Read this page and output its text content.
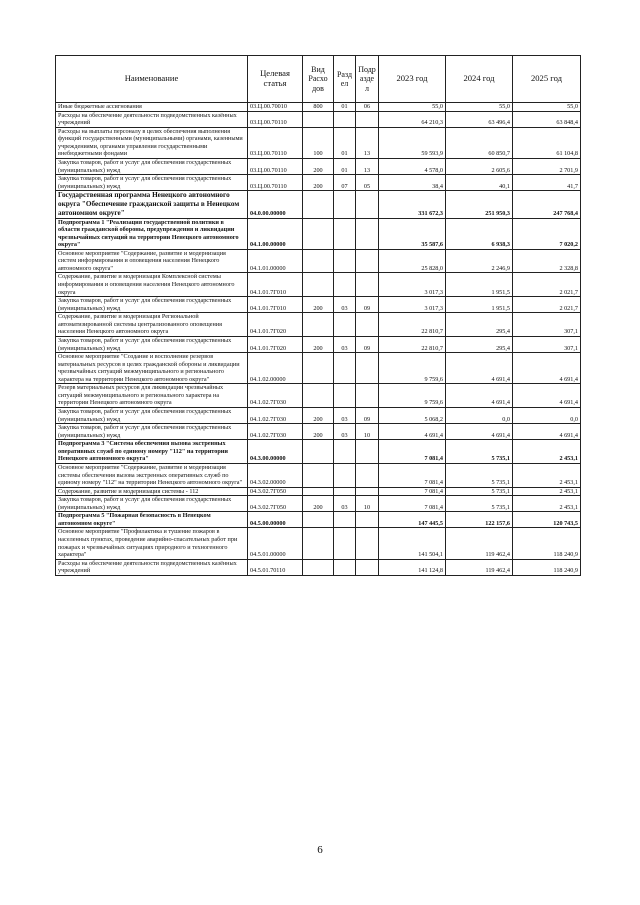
Наименование	Целевая статья	Вид Расхо дов	Разд ел	Подр азде л	2023 год	2024 год	2025 год
Иные бюджетные ассигнования	03.Ц.00.70010	800	01	06	55,0	55,0	55,0
Расходы на обеспечение деятельности подведомственных казённых учреждений	03.Ц.00.70110				64 210,3	63 496,4	63 848,4
Расходы на выплаты персоналу в целях обеспечения выполнения функций государственными (муниципальными) органами, казенными учреждениями, органами управления государственными внебюджетными фондами	03.Ц.00.70110	100	01	13	59 593,9	60 850,7	61 104,8
Закупка товаров, работ и услуг для обеспечения государственных (муниципальных) нужд	03.Ц.00.70110	200	01	13	4 578,0	2 605,6	2 701,9
Закупка товаров, работ и услуг для обеспечения государственных (муниципальных) нужд	03.Ц.00.70110	200	07	05	38,4	40,1	41,7
Государственная программа Ненецкого автономного округа "Обеспечение гражданской защиты в Ненецком автономном округе"	04.0.00.00000				331 672,3	251 950,3	247 768,4
Подпрограмма 1 "Реализация государственной политики в области гражданской обороны, предупреждения и ликвидации чрезвычайных ситуаций на территории Ненецкого автономного округа"	04.1.00.00000				35 587,6	6 938,3	7 020,2
Основное мероприятие "Содержание, развитие и модернизация систем информирования и оповещения населения Ненецкого автономного округа"	04.1.01.00000				25 828,0	2 246,9	2 328,8
Содержание, развитие и модернизация Комплексной системы информирования и оповещения населения Ненецкого автономного округа	04.1.01.7Г010				3 017,3	1 951,5	2 021,7
Закупка товаров, работ и услуг для обеспечения государственных (муниципальных) нужд	04.1.01.7Г010	200	03	09	3 017,3	1 951,5	2 021,7
Содержание, развитие и модернизация Региональной автоматизированной системы централизованного оповещения населения Ненецкого автономного округа	04.1.01.7Г020				22 810,7	295,4	307,1
Закупка товаров, работ и услуг для обеспечения государственных (муниципальных) нужд	04.1.01.7Г020	200	03	09	22 810,7	295,4	307,1
Основное мероприятие "Создание и восполнение резервов материальных ресурсов в целях гражданской обороны и ликвидации чрезвычайных ситуаций межмуниципального и регионального характера на территории Ненецкого автономного округа"	04.1.02.00000				9 759,6	4 691,4	4 691,4
Резерв материальных ресурсов для ликвидации чрезвычайных ситуаций межмуниципального и регионального характера на территории Ненецкого автономного округа	04.1.02.7Г030				9 759,6	4 691,4	4 691,4
Закупка товаров, работ и услуг для обеспечения государственных (муниципальных) нужд	04.1.02.7Г030	200	03	09	5 068,2	0,0	0,0
Закупка товаров, работ и услуг для обеспечения государственных (муниципальных) нужд	04.1.02.7Г030	200	03	10	4 691,4	4 691,4	4 691,4
Подпрограмма 3 "Система обеспечения вызова экстренных оперативных служб по единому номеру "112" на территории Ненецкого автономного округа"	04.3.00.00000				7 081,4	5 735,1	2 453,1
Основное мероприятие "Содержание, развитие и модернизация системы обеспечения вызова экстренных оперативных служб по единому номеру "112" на территории Ненецкого автономного округа"	04.3.02.00000				7 081,4	5 735,1	2 453,1
Содержание, развитие и модернизация системы - 112	04.3.02.7Г050				7 081,4	5 735,1	2 453,1
Закупка товаров, работ и услуг для обеспечения государственных (муниципальных) нужд	04.3.02.7Г050	200	03	10	7 081,4	5 735,1	2 453,1
Подпрограмма 5 "Пожарная безопасность в Ненецком автономном округе"	04.5.00.00000				147 445,5	122 157,6	120 743,5
Основное мероприятие "Профилактика и тушение пожаров в населенных пунктах, проведение аварийно-спасательных работ при пожарах и чрезвычайных ситуациях природного и техногенного характера"	04.5.01.00000				141 504,1	119 462,4	118 240,9
Расходы на обеспечение деятельности подведомственных казённых учреждений	04.5.01.70110				141 124,8	119 462,4	118 240,9
6
